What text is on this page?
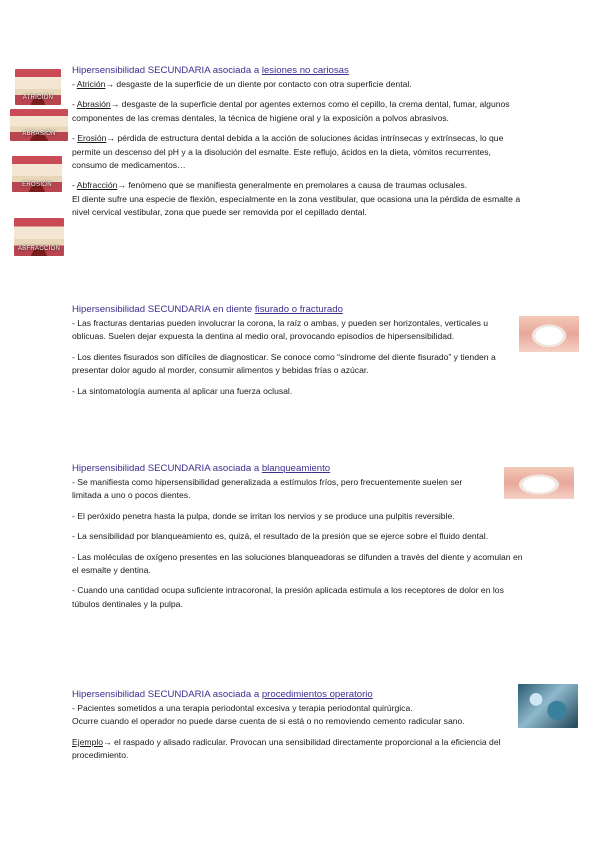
ATRICIÓN
ABRASIÓN
EROSIÓN
ABFRACCIÓN
Hipersensibilidad SECUNDARIA asociada a lesiones no cariosas

- Atrición→ desgaste de la superficie de un diente por contacto con otra superficie dental.

- Abrasión→ desgaste de la superficie dental por agentes externos como el cepillo, la crema dental, fumar, algunos componentes de las cremas dentales, la técnica de higiene oral y la exposición a polvos abrasivos.

- Erosión→ pérdida de estructura dental debida a la acción de soluciones ácidas intrínsecas y extrínsecas, lo que permite un descenso del pH y a la disolución del esmalte. Este reflujo, ácidos en la dieta, vómitos recurrentes, consumo de medicamentos…

- Abfracción→ fenómeno que se manifiesta generalmente en premolares a causa de traumas oclusales.
El diente sufre una especie de flexión, especialmente en la zona vestibular, que ocasiona una la pérdida de esmalte a nivel cervical vestibular, zona que puede ser removida por el cepillado dental.

Hipersensibilidad SECUNDARIA en diente fisurado o fracturado

- Las fracturas dentarias pueden involucrar la corona, la raíz o ambas, y pueden ser horizontales, verticales u oblicuas. Suelen dejar expuesta la dentina al medio oral, provocando episodios de hipersensibilidad.

- Los dientes fisurados son difíciles de diagnosticar. Se conoce como “síndrome del diente fisurado” y tienden a presentar dolor agudo al morder, consumir alimentos y bebidas frías o azúcar.

- La sintomatología aumenta al aplicar una fuerza oclusal.

Hipersensibilidad SECUNDARIA asociada a blanqueamiento

- Se manifiesta como hipersensibilidad generalizada a estímulos fríos, pero frecuentemente suelen ser limitada a uno o pocos dientes.

- El peróxido penetra hasta la pulpa, donde se irritan los nervios y se produce una pulpitis reversible.

- La sensibilidad por blanqueamiento es, quizá, el resultado de la presión que se ejerce sobre el fluido dental.

- Las moléculas de oxígeno presentes en las soluciones blanqueadoras se difunden a través del diente y acomulan en el esmalte y dentina.

- Cuando una cantidad ocupa suficiente intracoronal, la presión aplicada estimula a los receptores de dolor en los túbulos dentinales y la pulpa.

Hipersensibilidad SECUNDARIA asociada a procedimientos operatorio

- Pacientes sometidos a una terapia periodontal excesiva y terapia periodontal quirúrgica.
Ocurre cuando el operador no puede darse cuenta de si está o no removiendo cemento radicular sano.

Ejemplo→ el raspado y alisado radicular. Provocan una sensibilidad directamente proporcional a la eficiencia del procedimiento.
